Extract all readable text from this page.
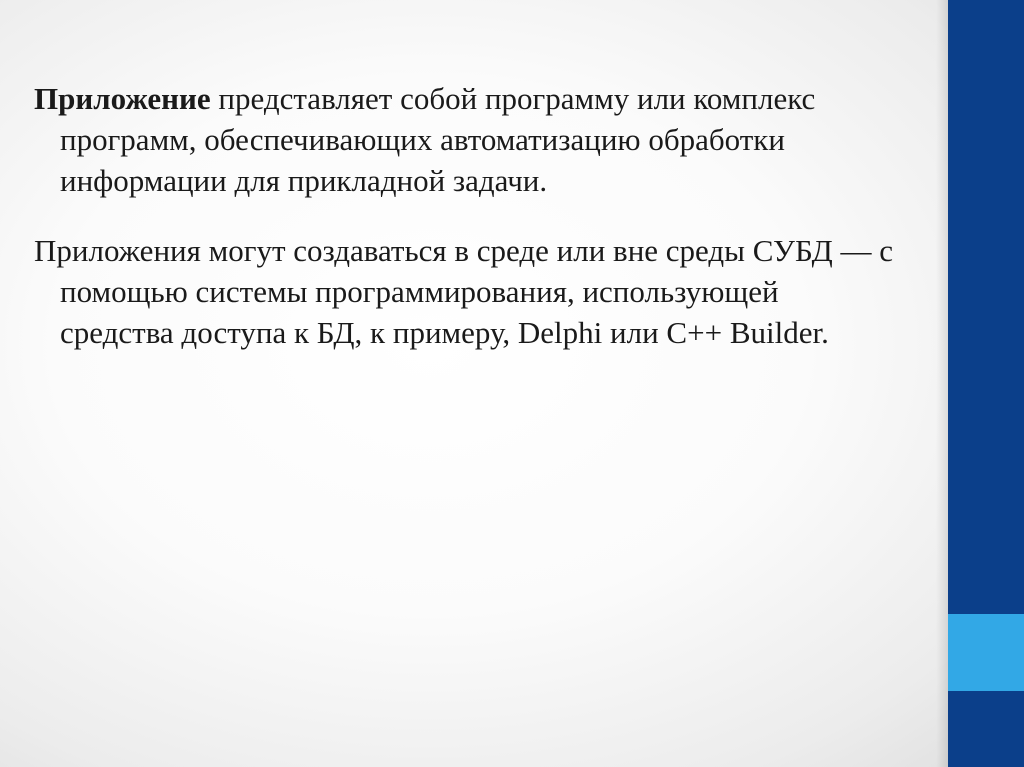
Приложение представляет собой программу или комплекс программ, обеспечивающих автоматизацию обработки информации для прикладной задачи.

Приложения могут создаваться в среде или вне среды СУБД — с помощью системы программирования, использующей средства доступа к БД, к примеру, Delphi или C++ Builder.
